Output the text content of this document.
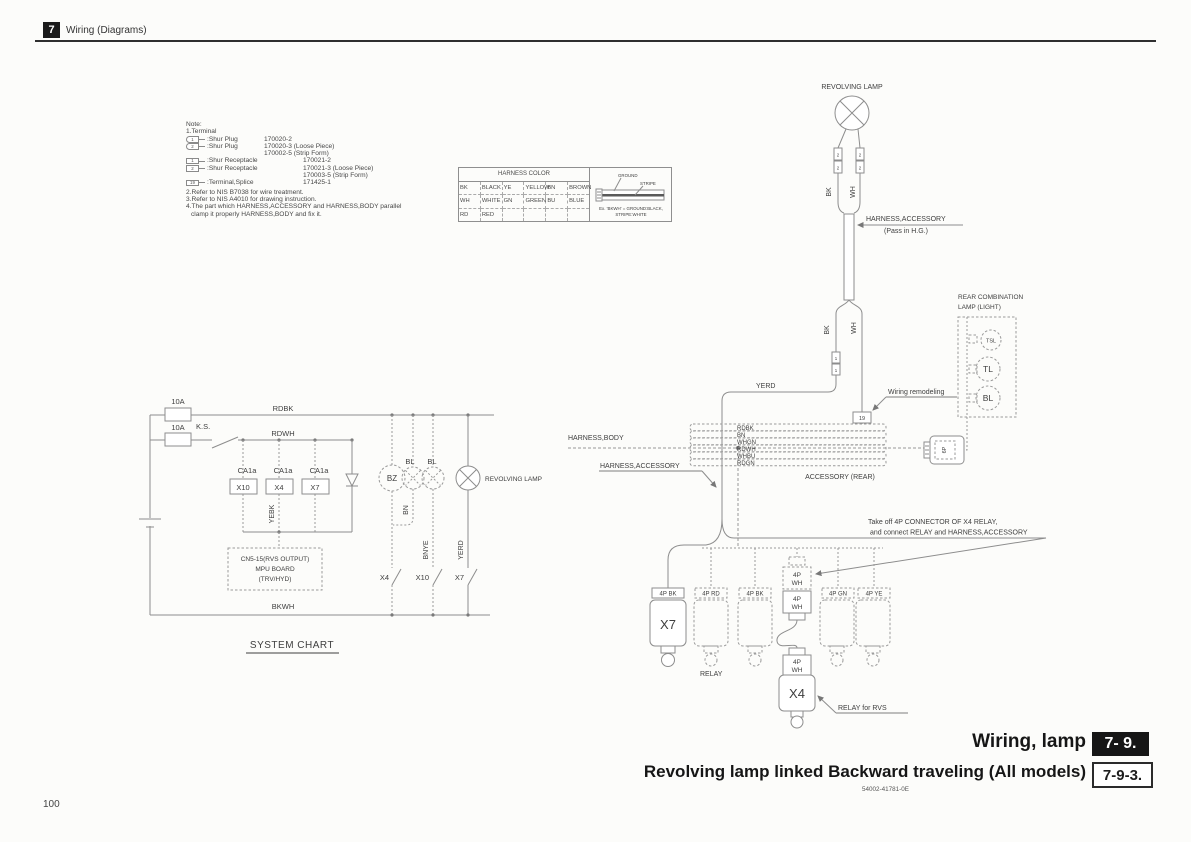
7	Wiring (Diagrams)
Note:
1.Terminal
1	:Shur Plug	170020-2
2	:Shur Plug	170020-3 (Loose Piece)
170002-5 (Strip Form)
1	:Shur Receptacle	170021-2
2	:Shur Receptacle	170021-3 (Loose Piece)
170003-5 (Strip Form)
19	:Terminal,Splice	171425-1
2.Refer to NIS B7038 for wire treatment.
3.Refer to NIS A4010 for drawing instruction.
4.The part which HARNESS,ACCESSORY and HARNESS,BODY parallel
clamp it properly HARNESS,BODY and fix it.
HARNESS COLOR					
BK	BLACK	YE	YELLOW	BN	BROWN
WH	WHITE	GN	GREEN	BU	BLUE
RD	RED				
GROUND
STRIPE
Ex. 'BKWH' = GROUND:BLACK,
STRIPE:WHITE
10A
10A K.S.
RDBK
RDWH
BKWH
CA1a CA1a CA1a
X10	X4	X7
YEBK
CN5-15(RVS OUTPUT)
MPU BOARD
(TRV/HYD)
BZ
BL BL
REVOLVING LAMP
BN
BNYE	YERD
X4	X10	X7
SYSTEM CHART
REVOLVING LAMP
2
2
2
2
BK WH
HARNESS,ACCESSORY
(Pass in H.G.)
BK	WH
1
1
YERD
19
Wiring remodeling
REAR COMBINATION
LAMP (LIGHT)
TSL
TL
BL
HARNESS,BODY
RDBK
BN
WHGN
RDWH
WHBU
RDGN
ACCESSORY (REAR)
6P
HARNESS,ACCESSORY
Take off 4P CONNECTOR OF X4 RELAY,
and connect RELAY and HARNESS,ACCESSORY
4P BK	4P RD	4P BK	4P GN	4P YE
X7
RELAY
4P
WH
4P
WH
4P
WH
X4
RELAY for RVS
Wiring, lamp	7- 9.
Revolving lamp linked Backward traveling (All models)	7-9-3.
54002-41781-0E
100
